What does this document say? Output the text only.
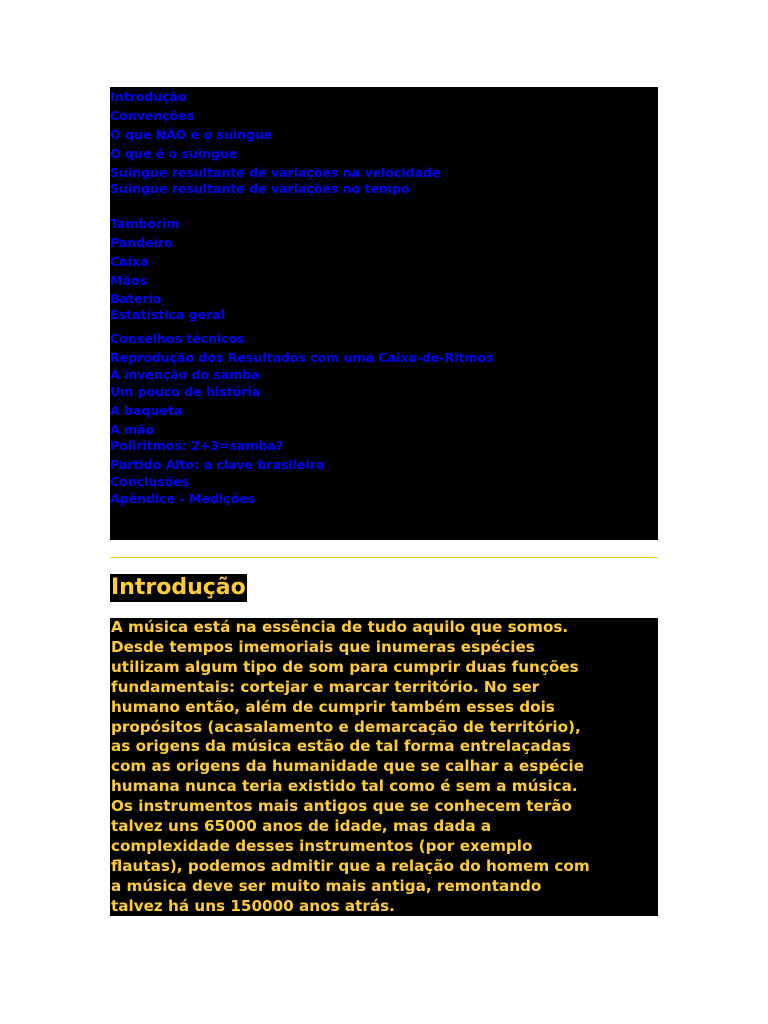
Introdução
Convenções
O que NÃO é o suingue
O que é o suingue
Suingue resultante de variações na velocidade
Suingue resultante de variações no tempo
Tamborim
Pandeiro
Caixa
Mãos
Bateria
Estatística geral
Conselhos técnicos
Reprodução dos Resultados com uma Caixa-de-Ritmos
A invenção do samba
Um pouco de história
A baqueta
A mão
Poliritmos: 2+3=samba?
Partido Alto: a clave brasileira
Conclusões
Apêndice - Medições
Introdução

A música está na essência de tudo aquilo que somos.
Desde tempos imemoriais que inumeras espécies
utilizam algum tipo de som para cumprir duas funções
fundamentais: cortejar e marcar território. No ser
humano então, além de cumprir também esses dois
propósitos (acasalamento e demarcação de território),
as origens da música estão de tal forma entrelaçadas
com as origens da humanidade que se calhar a espécie
humana nunca teria existido tal como é sem a música.
Os instrumentos mais antigos que se conhecem terão
talvez uns 65000 anos de idade, mas dada a
complexidade desses instrumentos (por exemplo
flautas), podemos admitir que a relação do homem com
a música deve ser muito mais antiga, remontando
talvez há uns 150000 anos atrás.
